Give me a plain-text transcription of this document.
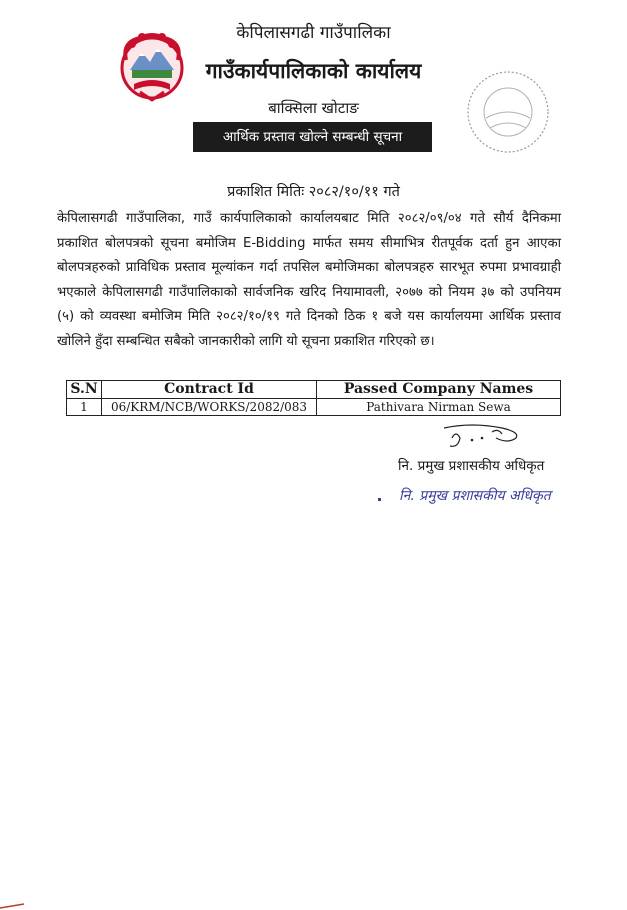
केपिलासगढी गाउँपालिका
गाउँकार्यपालिकाको कार्यालय
बाक्सिला खोटाङ
आर्थिक प्रस्ताव खोल्ने सम्बन्धी सूचना
प्रकाशित मितिः २०८२/१०/११ गते

केपिलासगढी गाउँपालिका, गाउँ कार्यपालिकाको कार्यालयबाट मिति २०८२/०९/०४ गते सौर्य दैनिकमा प्रकाशित बोलपत्रको सूचना बमोजिम E-Bidding मार्फत समय सीमाभित्र रीतपूर्वक दर्ता हुन आएका बोलपत्रहरुको प्राविधिक प्रस्ताव मूल्यांकन गर्दा तपसिल बमोजिमका बोलपत्रहरु सारभूत रुपमा प्रभावग्राही भएकाले केपिलासगढी गाउँपालिकाको सार्वजनिक खरिद नियामावली, २०७७ को नियम ३७ को उपनियम (५) को व्यवस्था बमोजिम मिति २०८२/१०/१९ गते दिनको ठिक १ बजे यस कार्यालयमा आर्थिक प्रस्ताव खोलिने हुँदा सम्बन्धित सबैको जानकारीको लागि यो सूचना प्रकाशित गरिएको छ।

S.N	Contract Id	Passed Company Names
1	06/KRM/NCB/WORKS/2082/083	Pathivara Nirman Sewa
नि. प्रमुख प्रशासकीय अधिकृत
नि. प्रमुख प्रशासकीय अधिकृत
